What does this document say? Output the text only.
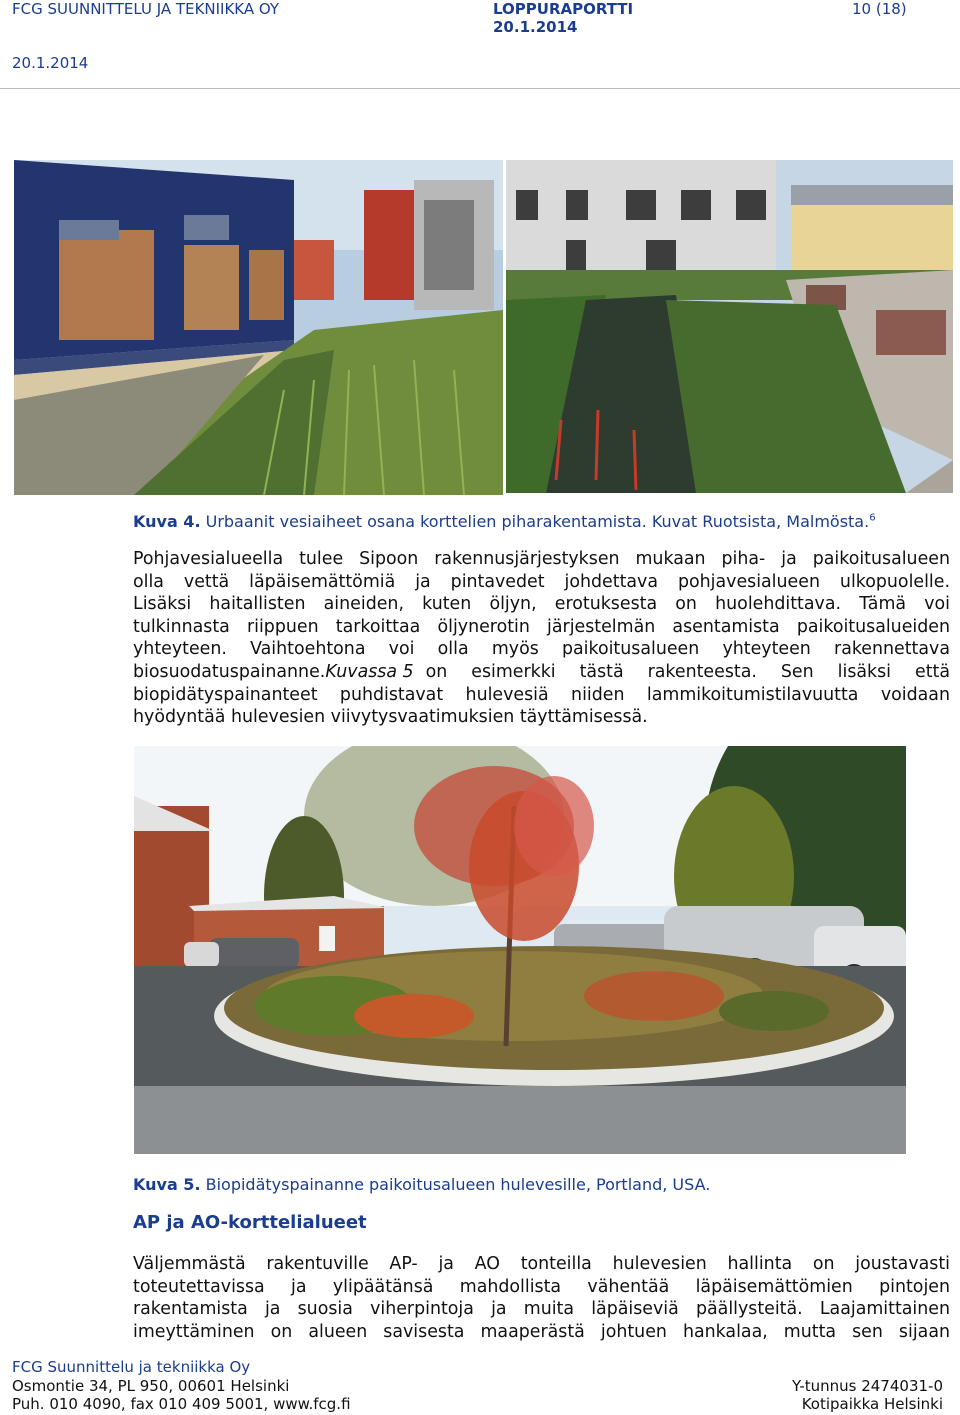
FCG SUUNNITTELU JA TEKNIIKKA OY	LOPPURAPORTTI
20.1.2014
10 (18)
20.1.2014
Kuva 4. Urbaanit vesiaiheet osana korttelien piharakentamista. Kuvat Ruotsista, Malmösta.$^6$
Pohjavesialueella tulee Sipoon rakennusjärjestyksen mukaan piha- ja paikoitusalueen
olla vettä läpäisemättömiä ja pintavedet johdettava pohjavesialueen ulkopuolelle.
Lisäksi haitallisten aineiden, kuten öljyn, erotuksesta on huolehdittava. Tämä voi
tulkinnasta riippuen tarkoittaa öljynerotin järjestelmän asentamista paikoitusalueiden
yhteyteen. Vaihtoehtona voi olla myös paikoitusalueen yhteyteen rakennettava
biosuodatuspainanne. Kuvassa 5 on esimerkki tästä rakenteesta. Sen lisäksi että
biopidätyspainanteet puhdistavat hulevesiä niiden lammikoitumistilavuutta voidaan
hyödyntää hulevesien viivytysvaatimuksien täyttämisessä.
Kuva 5. Biopidätyspainanne paikoitusalueen hulevesille, Portland, USA.
AP ja AO-korttelialueet
Väljemmästä rakentuville AP- ja AO tonteilla hulevesien hallinta on joustavasti
toteutettavissa ja ylipäätänsä mahdollista vähentää läpäisemättömien pintojen
rakentamista ja suosia viherpintoja ja muita läpäiseviä päällysteitä. Laajamittainen
imeyttäminen on alueen savisesta maaperästä johtuen hankalaa, mutta sen sijaan
FCG Suunnittelu ja tekniikka Oy
Osmontie 34, PL 950, 00601 Helsinki
Puh. 010 4090, fax 010 409 5001, www.fcg.fi
Y-tunnus 2474031-0
Kotipaikka Helsinki
